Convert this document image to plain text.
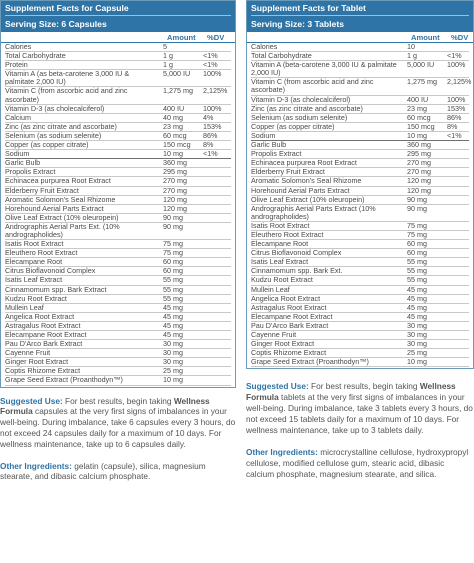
Supplement Facts for Capsule
Serving Size: 6 Capsules
Amount	%DV
Calories	5
Total Carbohydrate	1 g	<1%
Protein	1 g	<1%
Vitamin A (as beta-carotene 3,000 IU & palmitate 2,000 IU)
5,000 IU	100%
Vitamin C (from ascorbic acid and zinc ascorbate)
1,275 mg	2,125%
Vitamin D-3 (as cholecalciferol)	400 IU	100%
Calcium	40 mg	4%
Zinc (as zinc citrate and ascorbate)	23 mg	153%
Selenium (as sodium selenite)	60 mcg	86%
Copper (as copper citrate)	150 mcg	8%
Sodium	10 mg	<1%
Garlic Bulb	360 mg
Propolis Extract	295 mg
Echinacea purpurea Root Extract	270 mg
Elderberry Fruit Extract	270 mg
Aromatic Solomon's Seal Rhizome	120 mg
Horehound Aerial Parts Extract	120 mg
Olive Leaf Extract (10% oleuropein)	90 mg
Andrographis Aerial Parts Ext. (10% andrographolides)
90 mg
Isatis Root Extract	75 mg
Eleuthero Root Extract	75 mg
Elecampane Root	60 mg
Citrus Bioflavonoid Complex	60 mg
Isatis Leaf Extract	55 mg
Cinnamomum spp. Bark Extract	55 mg
Kudzu Root Extract	55 mg
Mullein Leaf	45 mg
Angelica Root Extract	45 mg
Astragalus Root Extract	45 mg
Elecampane Root Extract	45 mg
Pau D'Arco Bark Extract	30 mg
Cayenne Fruit	30 mg
Ginger Root Extract	30 mg
Coptis Rhizome Extract	25 mg
Grape Seed Extract (Proanthodyn™)	10 mg
Suggested Use: For best results, begin taking Wellness Formula capsules at the very first signs of imbalances in your well-being. During imbalance, take 6 capsules every 3 hours, do not exceed 24 capsules daily for a maximum of 10 days. For wellness maintenance, take up to 6 capsules daily.
Other Ingredients: gelatin (capsule), silica, magnesium stearate, and dibasic calcium phosphate.
Supplement Facts for Tablet
Serving Size: 3 Tablets
Amount	%DV
Calories	10
Total Carbohydrate	1 g	<1%
Vitamin A (beta-carotene 3,000 IU & palmitate 2,000 IU)
5,000 IU	100%
Vitamin C (from ascorbic acid and zinc ascorbate)
1,275 mg	2,125%
Vitamin D-3 (as cholecalciferol)	400 IU	100%
Zinc (as zinc citrate and ascorbate)	23 mg	153%
Selenium (as sodium selenite)	60 mcg	86%
Copper (as copper citrate)	150 mcg	8%
Sodium	10 mg	<1%
Garlic Bulb	360 mg
Propolis Extract	295 mg
Echinacea purpurea Root Extract	270 mg
Elderberry Fruit Extract	270 mg
Aromatic Solomon's Seal Rhizome	120 mg
Horehound Aerial Parts Extract	120 mg
Olive Leaf Extract (10% oleuropein)	90 mg
Andrographis Aerial Parts Extract (10% andrographolides)
90 mg
Isatis Root Extract	75 mg
Eleuthero Root Extract	75 mg
Elecampane Root	60 mg
Citrus Bioflavonoid Complex	60 mg
Isatis Leaf Extract	55 mg
Cinnamomum spp. Bark Ext.	55 mg
Kudzu Root Extract	55 mg
Mullein Leaf	45 mg
Angelica Root Extract	45 mg
Astragalus Root Extract	45 mg
Elecampane Root Extract	45 mg
Pau D'Arco Bark Extract	30 mg
Cayenne Fruit	30 mg
Ginger Root Extract	30 mg
Coptis Rhizome Extract	25 mg
Grape Seed Extract (Proanthodyn™)	10 mg
Suggested Use: For best results, begin taking Wellness Formula tablets at the very first signs of imbalances in your well-being. During imbalance, take 3 tablets every 3 hours, do not exceed 15 tablets daily for a maximum of 10 days. For wellness maintenance, take up to 3 tablets daily.
Other Ingredients: microcrystalline cellulose, hydroxypropyl cellulose, modified cellulose gum, stearic acid, dibasic calcium phosphate, magnesium stearate, and silica.
